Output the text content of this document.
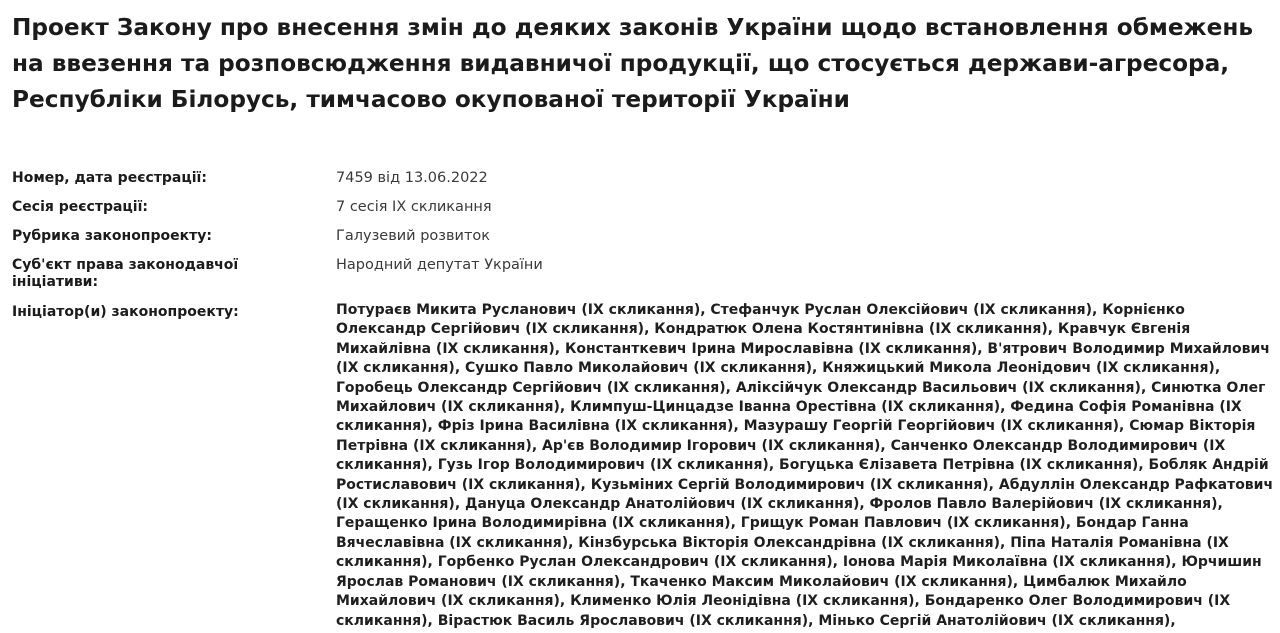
Проект Закону про внесення змін до деяких законів України щодо встановлення обмежень на ввезення та розповсюдження видавничої продукції, що стосується держави-агресора, Республіки Білорусь, тимчасово окупованої території України
Номер, дата реєстрації:	7459 від 13.06.2022
Сесія реєстрації:	7 сесія IX скликання
Рубрика законопроекту:	Галузевий розвиток
Суб'єкт права законодавчої ініціативи:
Народний депутат України
Ініціатор(и) законопроекту:	Потураєв Микита Русланович (IX скликання), Стефанчук Руслан Олексійович (IX скликання), Корнієнко Олександр Сергійович (IX скликання), Кондратюк Олена Костянтинівна (IX скликання), Кравчук Євгенія Михайлівна (IX скликання), Константкевич Ірина Мирославівна (IX скликання), В'ятрович Володимир Михайлович (IX скликання), Сушко Павло Миколайович (IX скликання), Княжицький Микола Леонідович (IX скликання), Горобець Олександр Сергійович (IX скликання), Аліксійчук Олександр Васильович (IX скликання), Синютка Олег Михайлович (IX скликання), Климпуш-Цинцадзе Іванна Орестівна (IX скликання), Федина Софія Романівна (IX скликання), Фріз Ірина Василівна (IX скликання), Мазурашу Георгій Георгійович (IX скликання), Сюмар Вікторія Петрівна (IX скликання), Ар'єв Володимир Ігорович (IX скликання), Санченко Олександр Володимирович (IX скликання), Гузь Ігор Володимирович (IX скликання), Богуцька Єлізавета Петрівна (IX скликання), Бобляк Андрій Ростиславович (IX скликання), Кузьміних Сергій Володимирович (IX скликання), Абдуллін Олександр Рафкатович (IX скликання), Дануца Олександр Анатолійович (IX скликання), Фролов Павло Валерійович (IX скликання), Геращенко Ірина Володимирівна (IX скликання), Грищук Роман Павлович (IX скликання), Бондар Ганна Вячеславівна (IX скликання), Кінзбурська Вікторія Олександрівна (IX скликання), Піпа Наталія Романівна (IX скликання), Горбенко Руслан Олександрович (IX скликання), Іонова Марія Миколаївна (IX скликання), Юрчишин Ярослав Романович (IX скликання), Ткаченко Максим Миколайович (IX скликання), Цимбалюк Михайло Михайлович (IX скликання), Клименко Юлія Леонідівна (IX скликання), Бондаренко Олег Володимирович (IX скликання), Вірастюк Василь Ярославович (IX скликання), Мінько Сергій Анатолійович (IX скликання),
